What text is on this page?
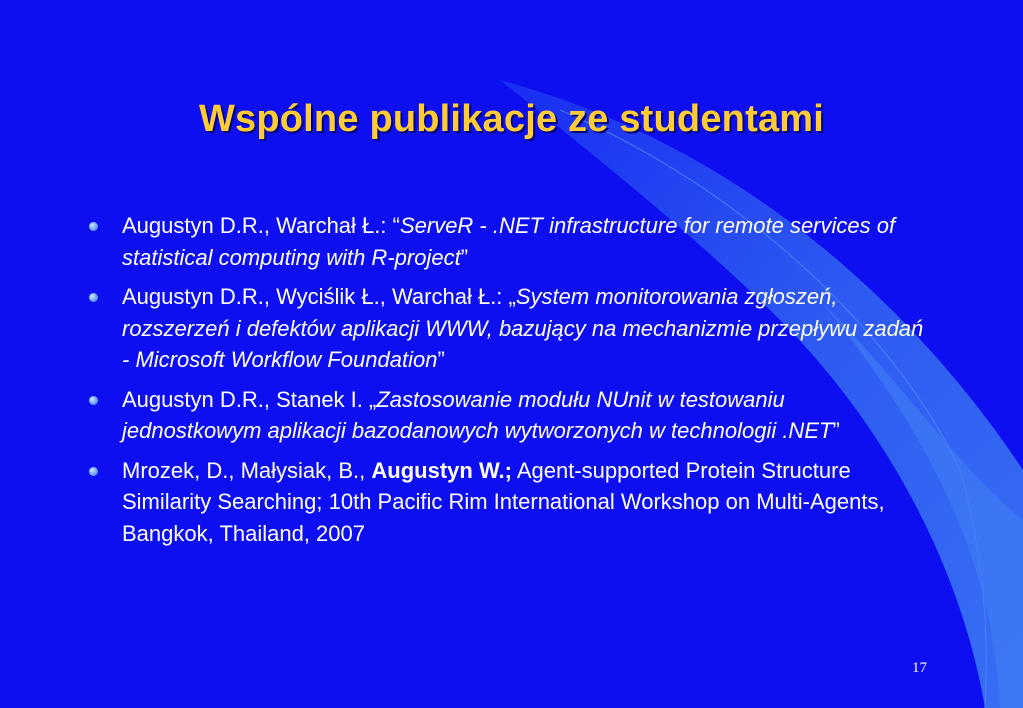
Wspólne publikacje ze studentami
Augustyn D.R., Warchał Ł.: “ServeR - .NET infrastructure for remote services of statistical computing with R-project”
Augustyn D.R., Wyciślik Ł., Warchał Ł.: „System monitorowania zgłoszeń, rozszerzeń i defektów aplikacji WWW, bazujący na mechanizmie przepływu zadań - Microsoft Workflow Foundation”
Augustyn D.R., Stanek I. „Zastosowanie modułu NUnit w testowaniu jednostkowym aplikacji bazodanowych wytworzonych w technologii .NET”
Mrozek, D., Małysiak, B., Augustyn W.; Agent-supported Protein Structure Similarity Searching; 10th Pacific Rim International Workshop on Multi-Agents, Bangkok, Thailand, 2007
17
